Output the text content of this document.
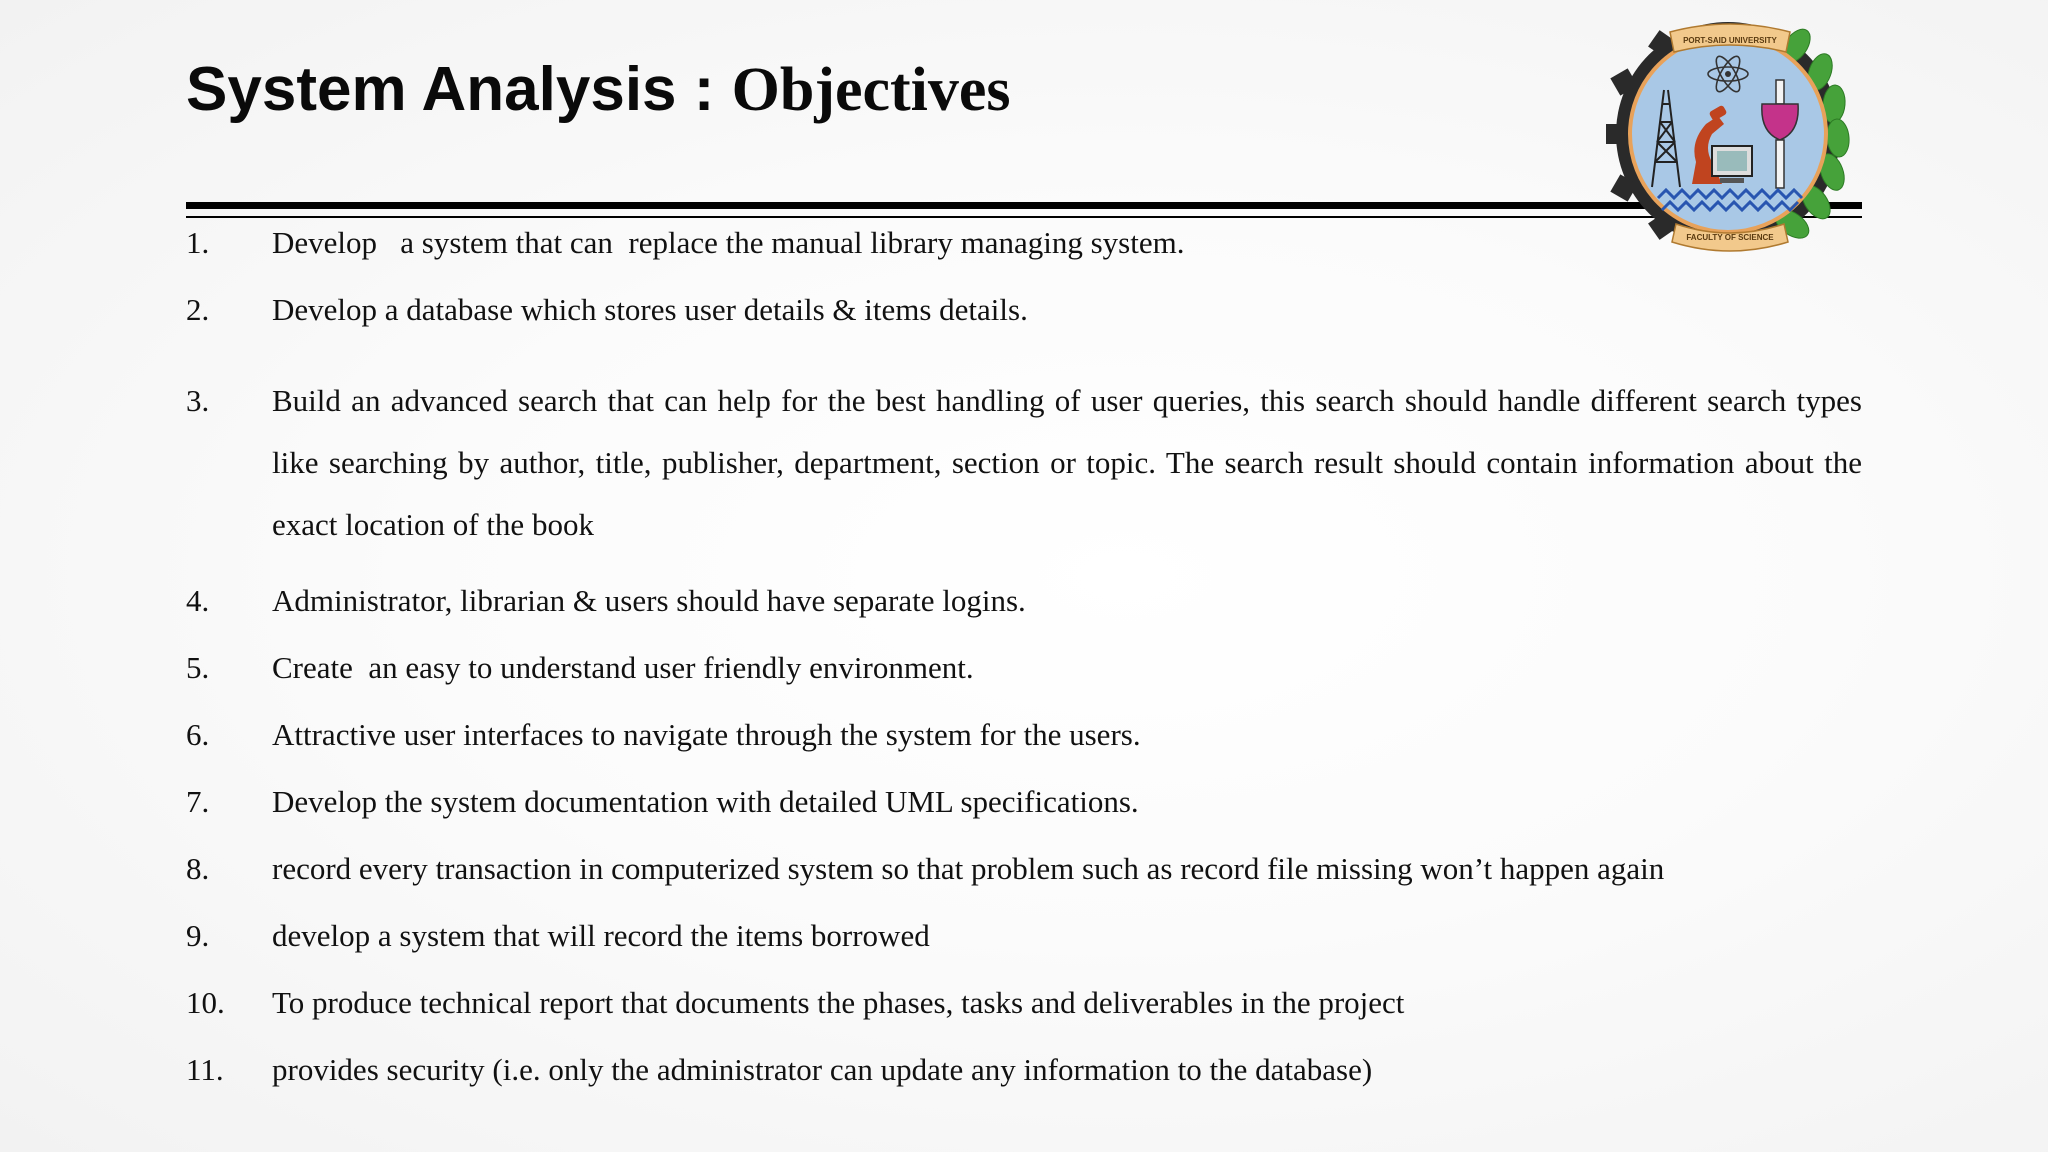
System Analysis : Objectives
PORT-SAID UNIVERSITY
FACULTY OF SCIENCE
1. Develop   a system that can  replace the manual library managing system.
2. Develop a database which stores user details & items details.
3. Build an advanced search that can help for the best handling of user queries, this search should handle different search types like searching by author, title, publisher, department, section or topic. The search result should contain information about the exact location of the book
4. Administrator, librarian & users should have separate logins.
5. Create  an easy to understand user friendly environment.
6. Attractive user interfaces to navigate through the system for the users.
7. Develop the system documentation with detailed UML specifications.
8. record every transaction in computerized system so that problem such as record file missing won’t happen again
9. develop a system that will record the items borrowed
10. To produce technical report that documents the phases, tasks and deliverables in the project
11. provides security (i.e. only the administrator can update any information to the database)
